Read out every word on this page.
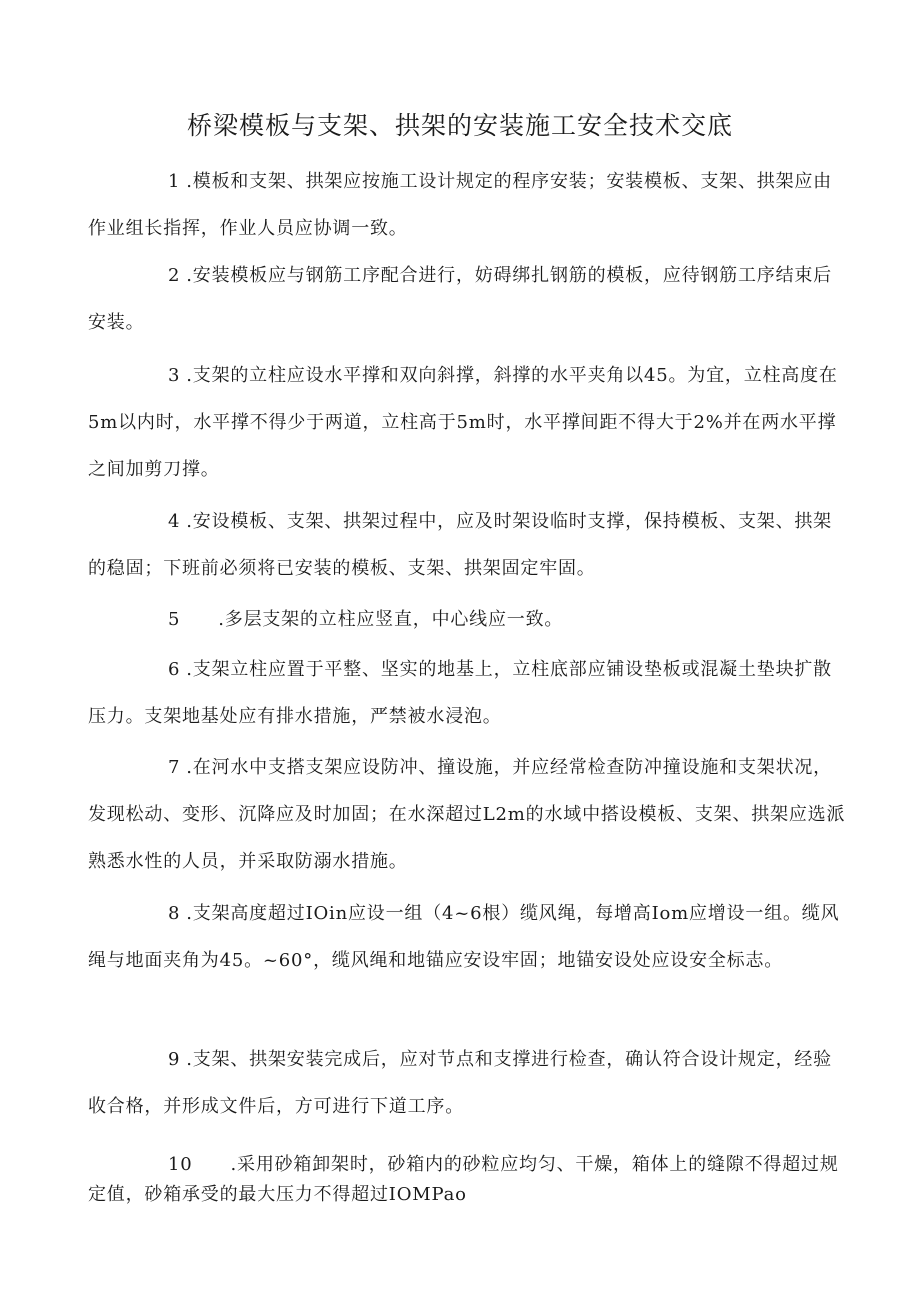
桥梁模板与支架、拱架的安装施工安全技术交底

1 .模板和支架、拱架应按施工设计规定的程序安装；安装模板、支架、拱架应由作业组长指挥，作业人员应协调一致。

2 .安装模板应与钢筋工序配合进行，妨碍绑扎钢筋的模板，应待钢筋工序结束后安装。

3 .支架的立柱应设水平撑和双向斜撑，斜撑的水平夹角以45。为宜，立柱高度在5m以内时，水平撑不得少于两道，立柱高于5m时，水平撑间距不得大于2%并在两水平撑之间加剪刀撑。

4 .安设模板、支架、拱架过程中，应及时架设临时支撑，保持模板、支架、拱架的稳固；下班前必须将已安装的模板、支架、拱架固定牢固。

5 .多层支架的立柱应竖直，中心线应一致。

6 .支架立柱应置于平整、坚实的地基上，立柱底部应铺设垫板或混凝土垫块扩散压力。支架地基处应有排水措施，严禁被水浸泡。

7 .在河水中支搭支架应设防冲、撞设施，并应经常检查防冲撞设施和支架状况，发现松动、变形、沉降应及时加固；在水深超过L2m的水域中搭设模板、支架、拱架应选派熟悉水性的人员，并采取防溺水措施。

8 .支架高度超过IOin应设一组（4~6根）缆风绳，每增高Iom应增设一组。缆风绳与地面夹角为45。~60°，缆风绳和地锚应安设牢固；地锚安设处应设安全标志。

9 .支架、拱架安装完成后，应对节点和支撑进行检查，确认符合设计规定，经验收合格，并形成文件后，方可进行下道工序。

10 .采用砂箱卸架时，砂箱内的砂粒应均匀、干燥，箱体上的缝隙不得超过规定值，砂箱承受的最大压力不得超过IOMPao
